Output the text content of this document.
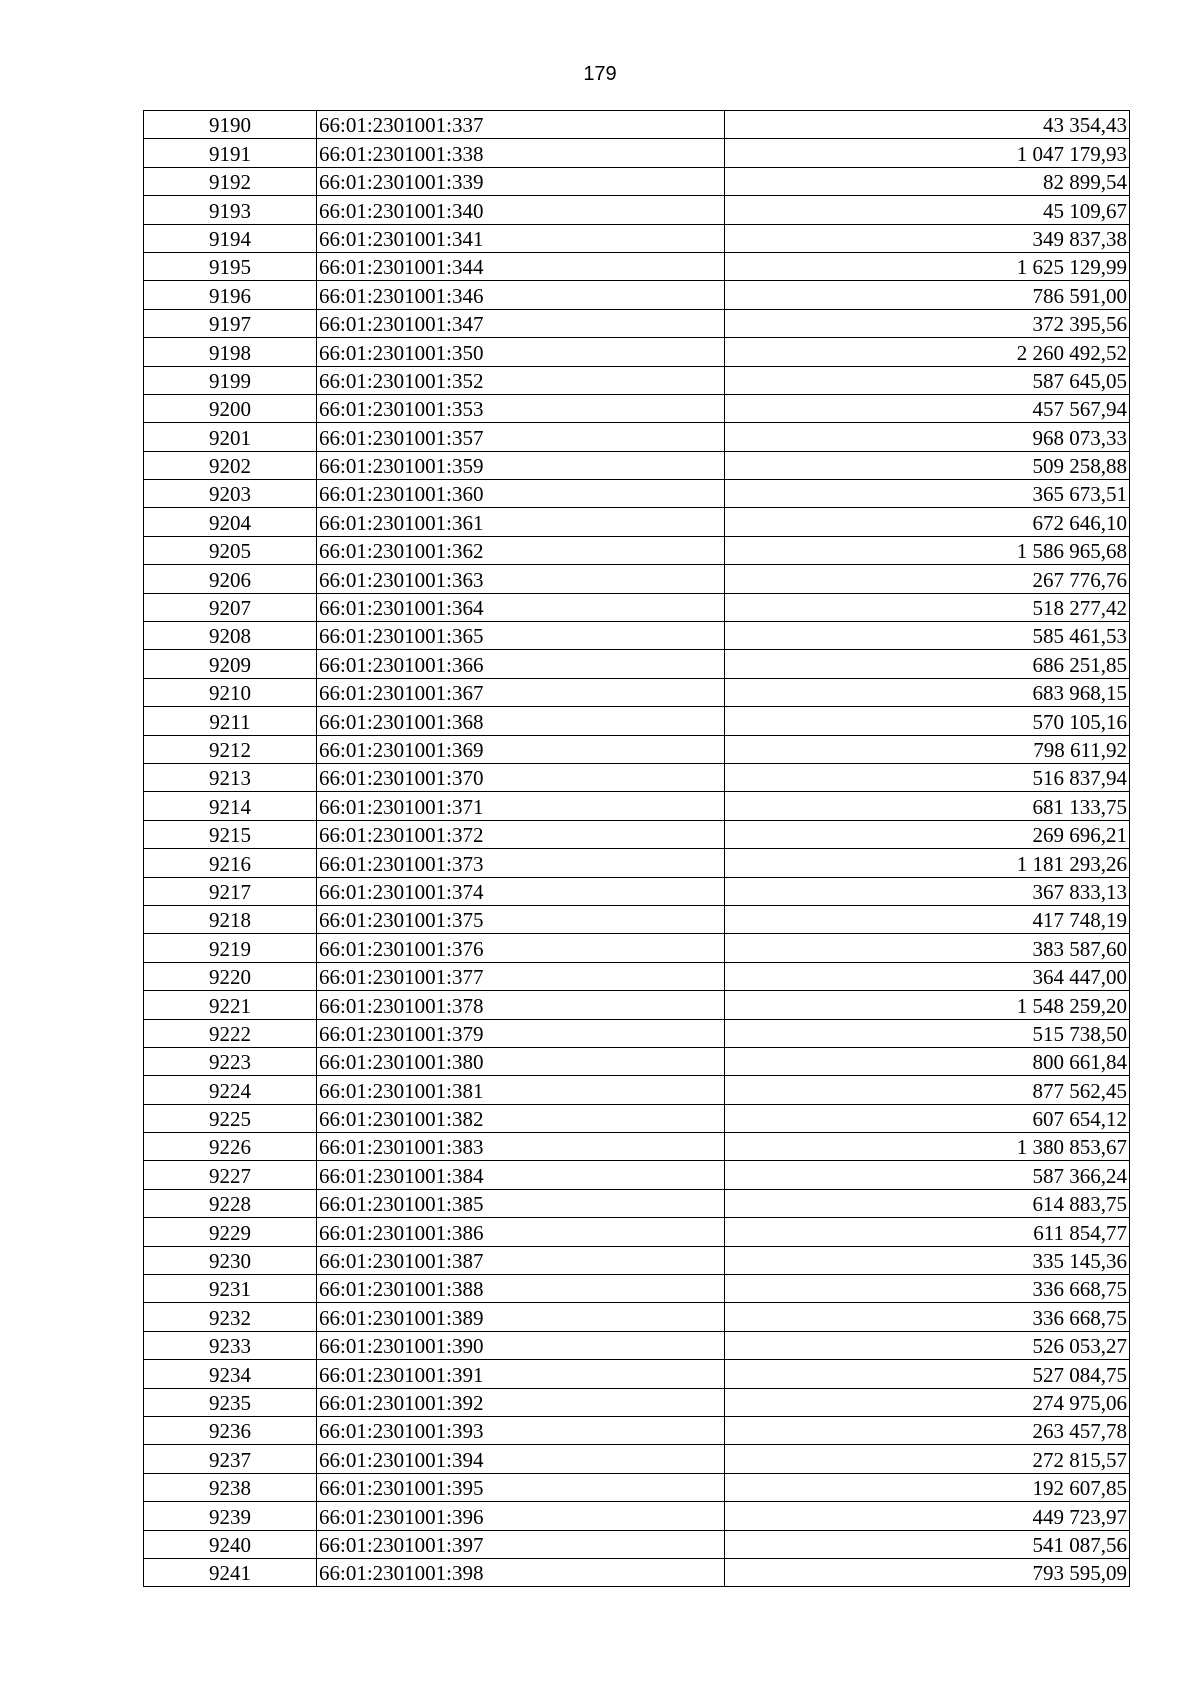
179
9190	66:01:2301001:337	43 354,43
9191	66:01:2301001:338	1 047 179,93
9192	66:01:2301001:339	82 899,54
9193	66:01:2301001:340	45 109,67
9194	66:01:2301001:341	349 837,38
9195	66:01:2301001:344	1 625 129,99
9196	66:01:2301001:346	786 591,00
9197	66:01:2301001:347	372 395,56
9198	66:01:2301001:350	2 260 492,52
9199	66:01:2301001:352	587 645,05
9200	66:01:2301001:353	457 567,94
9201	66:01:2301001:357	968 073,33
9202	66:01:2301001:359	509 258,88
9203	66:01:2301001:360	365 673,51
9204	66:01:2301001:361	672 646,10
9205	66:01:2301001:362	1 586 965,68
9206	66:01:2301001:363	267 776,76
9207	66:01:2301001:364	518 277,42
9208	66:01:2301001:365	585 461,53
9209	66:01:2301001:366	686 251,85
9210	66:01:2301001:367	683 968,15
9211	66:01:2301001:368	570 105,16
9212	66:01:2301001:369	798 611,92
9213	66:01:2301001:370	516 837,94
9214	66:01:2301001:371	681 133,75
9215	66:01:2301001:372	269 696,21
9216	66:01:2301001:373	1 181 293,26
9217	66:01:2301001:374	367 833,13
9218	66:01:2301001:375	417 748,19
9219	66:01:2301001:376	383 587,60
9220	66:01:2301001:377	364 447,00
9221	66:01:2301001:378	1 548 259,20
9222	66:01:2301001:379	515 738,50
9223	66:01:2301001:380	800 661,84
9224	66:01:2301001:381	877 562,45
9225	66:01:2301001:382	607 654,12
9226	66:01:2301001:383	1 380 853,67
9227	66:01:2301001:384	587 366,24
9228	66:01:2301001:385	614 883,75
9229	66:01:2301001:386	611 854,77
9230	66:01:2301001:387	335 145,36
9231	66:01:2301001:388	336 668,75
9232	66:01:2301001:389	336 668,75
9233	66:01:2301001:390	526 053,27
9234	66:01:2301001:391	527 084,75
9235	66:01:2301001:392	274 975,06
9236	66:01:2301001:393	263 457,78
9237	66:01:2301001:394	272 815,57
9238	66:01:2301001:395	192 607,85
9239	66:01:2301001:396	449 723,97
9240	66:01:2301001:397	541 087,56
9241	66:01:2301001:398	793 595,09
